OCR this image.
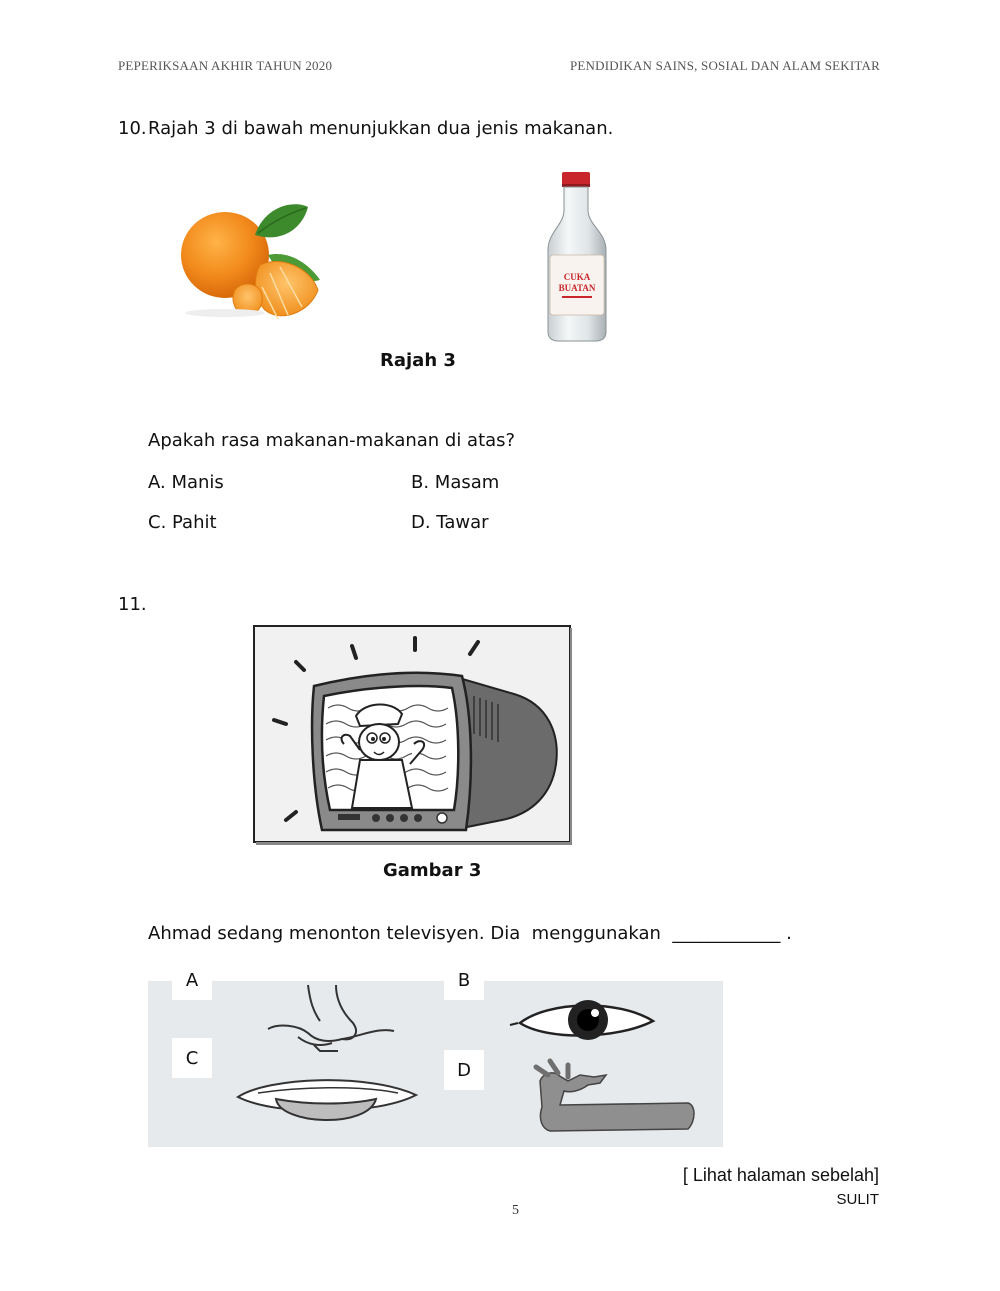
PEPERIKSAAN AKHIR TAHUN 2020	PENDIDIKAN SAINS, SOSIAL DAN ALAM SEKITAR
10. Rajah 3 di bawah menunjukkan dua jenis makanan.
CUKA
BUATAN
Rajah 3
Apakah rasa makanan-makanan di atas?
A. Manis	B. Masam
C. Pahit	D. Tawar
11.
Gambar 3
Ahmad sedang menonton televisyen. Dia  menggunakan  ____________ .
A	B
C
D
[ Lihat halaman sebelah]
SULIT
5
